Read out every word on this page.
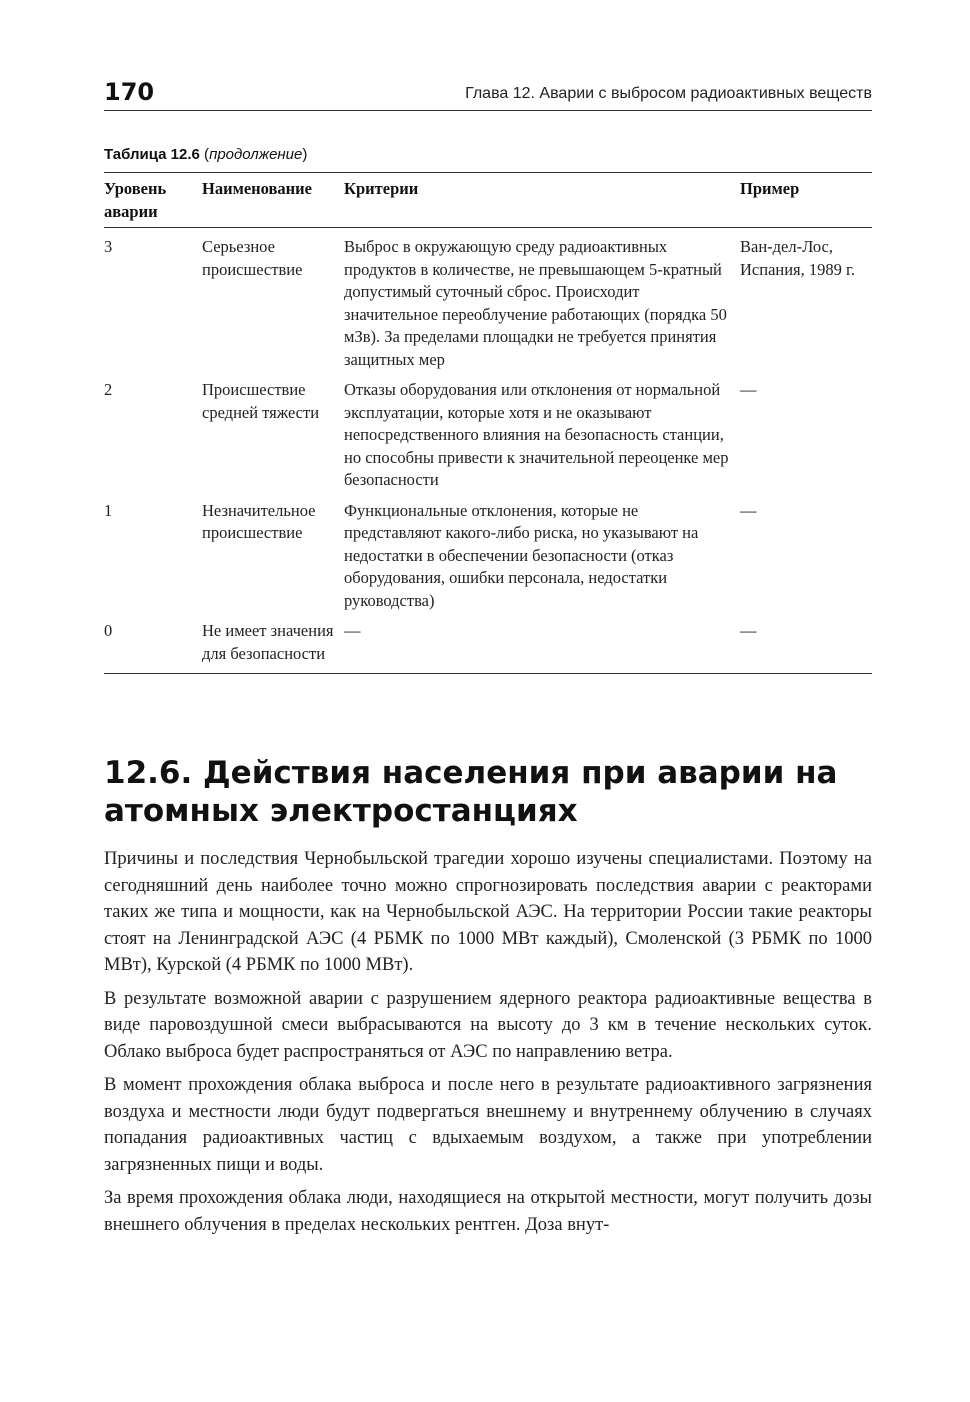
170	Глава 12. Аварии с выбросом радиоактивных веществ
Таблица 12.6 (продолжение)
Уровень аварии	Наименование	Критерии	Пример
3	Серьезное происшествие	Выброс в окружающую среду радиоактивных продуктов в количестве, не превышающем 5-кратный допустимый суточный сброс. Происходит значительное переоблучение работающих (порядка 50 мЗв). За пределами площадки не требуется принятия защитных мер	Ван-дел-Лос, Испания, 1989 г.
2	Происшествие средней тяжести	Отказы оборудования или отклонения от нормальной эксплуатации, которые хотя и не оказывают непосредственного влияния на безопасность станции, но способны привести к значительной переоценке мер безопасности	—
1	Незначительное происшествие	Функциональные отклонения, которые не представляют какого-либо риска, но указывают на недостатки в обеспечении безопасности (отказ оборудования, ошибки персонала, недостатки руководства)	—
0	Не имеет значения для безопасности	—	—
12.6. Действия населения при аварии на атомных электростанциях

Причины и последствия Чернобыльской трагедии хорошо изучены специалистами. Поэтому на сегодняшний день наиболее точно можно спрогнозировать последствия аварии с реакторами таких же типа и мощности, как на Чернобыльской АЭС. На территории России такие реакторы стоят на Ленинградской АЭС (4 РБМК по 1000 МВт каждый), Смоленской (3 РБМК по 1000 МВт), Курской (4 РБМК по 1000 МВт).

В результате возможной аварии с разрушением ядерного реактора радиоактивные вещества в виде паровоздушной смеси выбрасываются на высоту до 3 км в течение нескольких суток. Облако выброса будет распространяться от АЭС по направлению ветра.

В момент прохождения облака выброса и после него в результате радиоактивного загрязнения воздуха и местности люди будут подвергаться внешнему и внутреннему облучению в случаях попадания радиоактивных частиц с вдыхаемым воздухом, а также при употреблении загрязненных пищи и воды.

За время прохождения облака люди, находящиеся на открытой местности, могут получить дозы внешнего облучения в пределах нескольких рентген. Доза внут-
